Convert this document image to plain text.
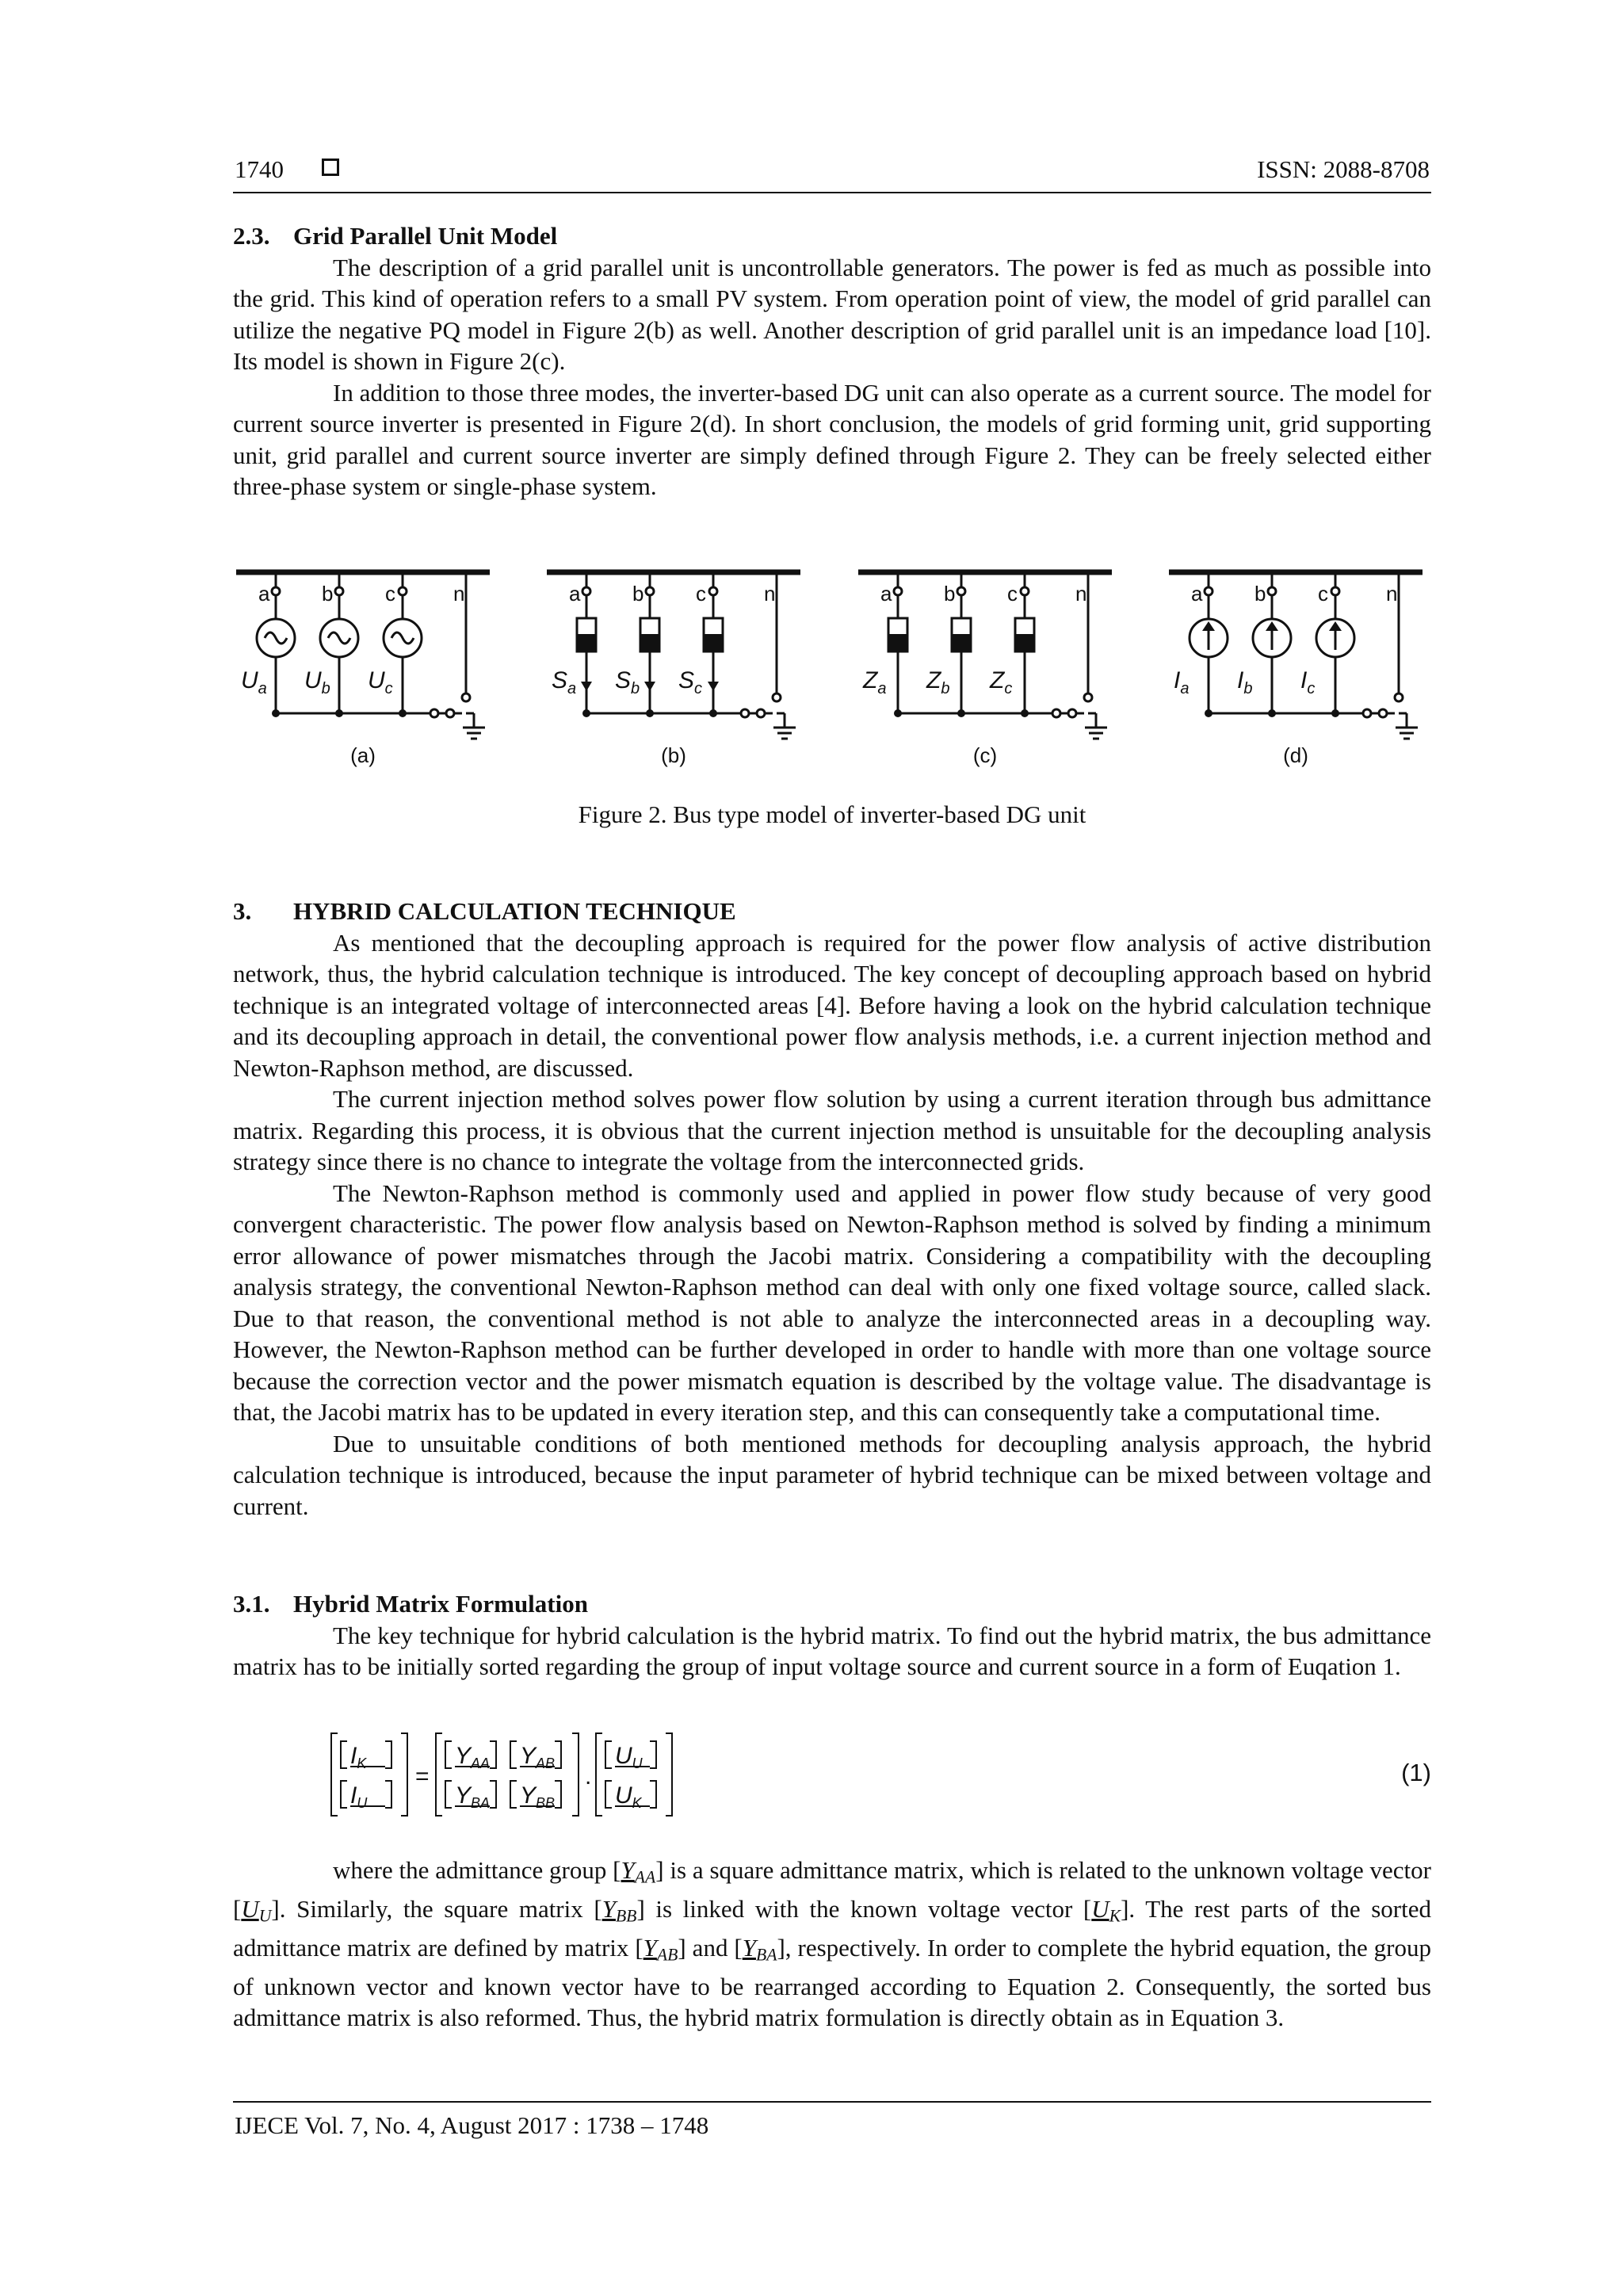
1740	ISSN: 2088-8708

2.3. Grid Parallel Unit Model

The description of a grid parallel unit is uncontrollable generators. The power is fed as much as possible into the grid. This kind of operation refers to a small PV system. From operation point of view, the model of grid parallel can utilize the negative PQ model in Figure 2(b) as well. Another description of grid parallel unit is an impedance load [10]. Its model is shown in Figure 2(c).

In addition to those three modes, the inverter-based DG unit can also operate as a current source. The model for current source inverter is presented in Figure 2(d). In short conclusion, the models of grid forming unit, grid supporting unit, grid parallel and current source inverter are simply defined through Figure 2. They can be freely selected either three-phase system or single-phase system.

a	b	c	n
$U_a$ $U_b$ $U_c$
(a)
a	b	c	n
$S_a$ $S_b$ $S_c$
(b)
a	b	c	n
$Z_a$ $Z_b$ $Z_c$
(c)
a	b	c	n
$I_a$ $I_b$ $I_c$
(d)
Figure 2. Bus type model of inverter-based DG unit

3. HYBRID CALCULATION TECHNIQUE

As mentioned that the decoupling approach is required for the power flow analysis of active distribution network, thus, the hybrid calculation technique is introduced. The key concept of decoupling approach based on hybrid technique is an integrated voltage of interconnected areas [4]. Before having a look on the hybrid calculation technique and its decoupling approach in detail, the conventional power flow analysis methods, i.e. a current injection method and Newton-Raphson method, are discussed.

The current injection method solves power flow solution by using a current iteration through bus admittance matrix. Regarding this process, it is obvious that the current injection method is unsuitable for the decoupling analysis strategy since there is no chance to integrate the voltage from the interconnected grids.

The Newton-Raphson method is commonly used and applied in power flow study because of very good convergent characteristic. The power flow analysis based on Newton-Raphson method is solved by finding a minimum error allowance of power mismatches through the Jacobi matrix. Considering a compatibility with the decoupling analysis strategy, the conventional Newton-Raphson method can deal with only one fixed voltage source, called slack. Due to that reason, the conventional method is not able to analyze the interconnected areas in a decoupling way. However, the Newton-Raphson method can be further developed in order to handle with more than one voltage source because the correction vector and the power mismatch equation is described by the voltage value. The disadvantage is that, the Jacobi matrix has to be updated in every iteration step, and this can consequently take a computational time.

Due to unsuitable conditions of both mentioned methods for decoupling analysis approach, the hybrid calculation technique is introduced, because the input parameter of hybrid technique can be mixed between voltage and current.

3.1. Hybrid Matrix Formulation

The key technique for hybrid calculation is the hybrid matrix. To find out the hybrid matrix, the bus admittance matrix has to be initially sorted regarding the group of input voltage source and current source in a form of Euqation 1.

$I_K$
$I_U$
=
$Y_{AA}$ $Y_{AB}$
$Y_{BA}$ $Y_{BB}$
.
$U_U$
$U_K$
(1)

where the admittance group $[Y_{AA}]$ is a square admittance matrix, which is related to the unknown voltage vector $[U_U]$. Similarly, the square matrix $[Y_{BB}]$ is linked with the known voltage vector $[U_K]$. The rest parts of the sorted admittance matrix are defined by matrix $[Y_{AB}]$ and $[Y_{BA}]$, respectively. In order to complete the hybrid equation, the group of unknown vector and known vector have to be rearranged according to Equation 2. Consequently, the sorted bus admittance matrix is also reformed. Thus, the hybrid matrix formulation is directly obtain as in Equation 3.

IJECE Vol. 7, No. 4, August 2017 : 1738 – 1748
